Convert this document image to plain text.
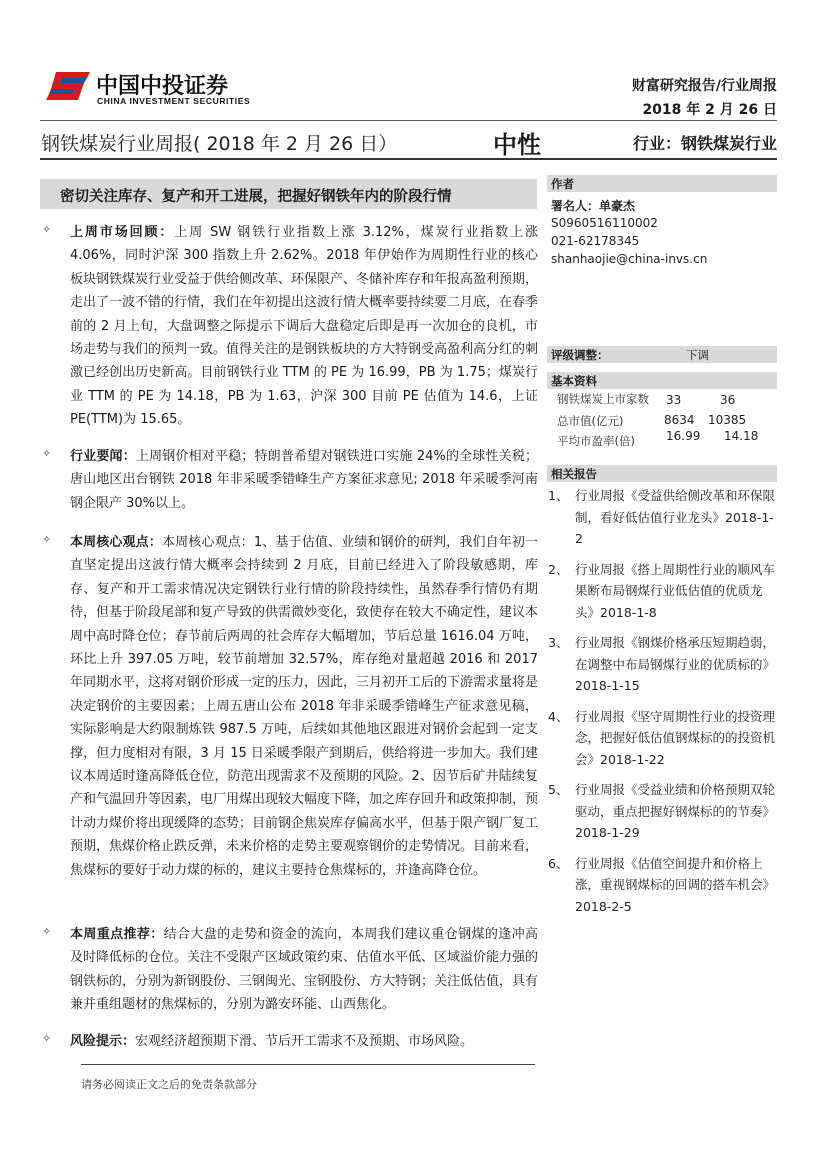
中国中投证券
CHINA INVESTMENT SECURITIES
财富研究报告/行业周报
2018 年 2 月 26 日
钢铁煤炭行业周报( 2018 年 2 月 26 日）	中性	行业：钢铁煤炭行业
密切关注库存、复产和开工进展，把握好钢铁年内的阶段行情
✧ 上周市场回顾：上周 SW 钢铁行业指数上涨 3.12%，煤炭行业指数上涨 4.06%，同时沪深 300 指数上升 2.62%。2018 年伊始作为周期性行业的核心板块钢铁煤炭行业受益于供给侧改革、环保限产、冬储补库存和年报高盈利预期，走出了一波不错的行情，我们在年初提出这波行情大概率要持续要二月底，在春季前的 2 月上旬，大盘调整之际提示下调后大盘稳定后即是再一次加仓的良机，市场走势与我们的预判一致。值得关注的是钢铁板块的方大特钢受高盈利高分红的刺激已经创出历史新高。目前钢铁行业 TTM 的 PE 为 16.99，PB 为 1.75；煤炭行业 TTM 的 PE 为 14.18，PB 为 1.63，沪深 300 目前 PE 估值为 14.6，上证 PE(TTM)为 15.65。

✧ 行业要闻：上周钢价相对平稳；特朗普希望对钢铁进口实施 24%的全球性关税；唐山地区出台钢铁 2018 年非采暖季错峰生产方案征求意见; 2018 年采暖季河南钢企限产 30%以上。

✧ 本周核心观点：本周核心观点：1、基于估值、业绩和钢价的研判，我们自年初一直坚定提出这波行情大概率会持续到 2 月底，目前已经进入了阶段敏感期，库存、复产和开工需求情况决定钢铁行业行情的阶段持续性，虽然春季行情仍有期待，但基于阶段尾部和复产导致的供需微妙变化，致使存在较大不确定性，建议本周中高时降仓位；春节前后两周的社会库存大幅增加，节后总量 1616.04 万吨，环比上升 397.05 万吨，较节前增加 32.57%，库存绝对量超越 2016 和 2017 年同期水平，这将对钢价形成一定的压力，因此，三月初开工后的下游需求量将是决定钢价的主要因素；上周五唐山公布 2018 年非采暖季错峰生产征求意见稿，实际影响是大约限制炼铁 987.5 万吨，后续如其他地区跟进对钢价会起到一定支撑，但力度相对有限，3 月 15 日采暖季限产到期后，供给将进一步加大。我们建议本周适时逢高降低仓位，防范出现需求不及预期的风险。2、因节后矿井陆续复产和气温回升等因素，电厂用煤出现较大幅度下降，加之库存回升和政策抑制，预计动力煤价将出现缓降的态势；目前钢企焦炭库存偏高水平，但基于限产钢厂复工预期，焦煤价格止跌反弹，未来价格的走势主要观察钢价的走势情况。目前来看，焦煤标的要好于动力煤的标的，建议主要持仓焦煤标的，并逢高降仓位。

✧ 本周重点推荐：结合大盘的走势和资金的流向，本周我们建议重仓钢煤的逢冲高及时降低标的仓位。关注不受限产区域政策约束、估值水平低、区域溢价能力强的钢铁标的，分别为新钢股份、三钢闽光、宝钢股份、方大特钢；关注低估值，具有兼并重组题材的焦煤标的，分别为潞安环能、山西焦化。

✧ 风险提示：宏观经济超预期下滑、节后开工需求不及预期、市场风险。

作者
署名人：单豪杰
S0960516110002
021-62178345
shanhaojie@china-invs.cn
评级调整：	下调
基本资料
钢铁煤炭上市家数	33	36
总市值(亿元)	8634 10385
平均市盈率(倍)	16.99 14.18
相关报告
1、 行业周报《受益供给侧改革和环保限制，看好低估值行业龙头》2018-1-2
2、 行业周报《搭上周期性行业的顺风车果断布局钢煤行业低估值的优质龙头》2018-1-8
3、 行业周报《钢煤价格承压短期趋弱，在调整中布局钢煤行业的优质标的》
2018-1-15
4、 行业周报《坚守周期性行业的投资理念，把握好低估值钢煤标的的投资机会》2018-1-22
5、 行业周报《受益业绩和价格预期双轮驱动，重点把握好钢煤标的的节奏》
2018-1-29
6、 行业周报《估值空间提升和价格上涨，重视钢煤标的回调的搭车机会》
2018-2-5
请务必阅读正文之后的免责条款部分
